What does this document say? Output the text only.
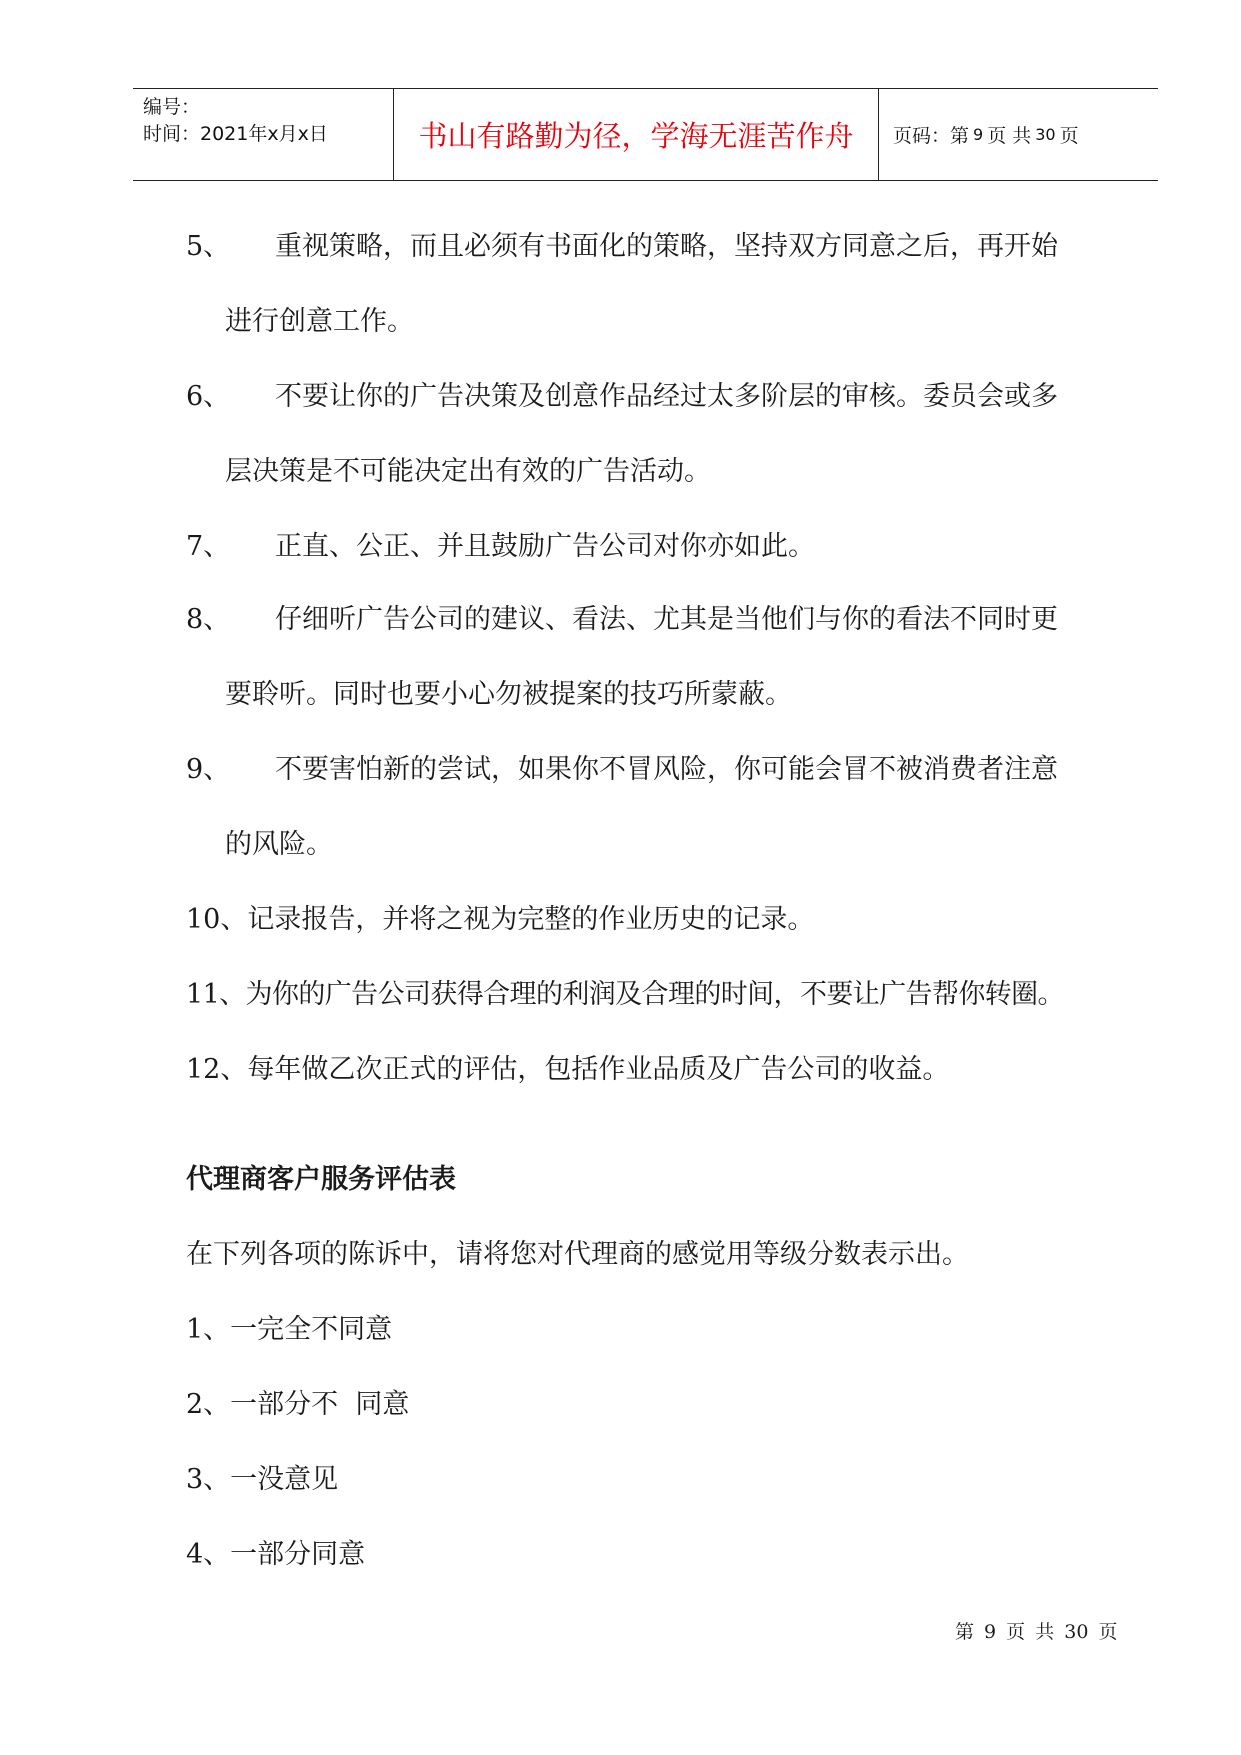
编号：
时间：2021年x月x日	书山有路勤为径，学海无涯苦作舟	页码：第 9 页 共 30 页
5、 重视策略，而且必须有书面化的策略，坚持双方同意之后，再开始
进行创意工作。
6、 不要让你的广告决策及创意作品经过太多阶层的审核。委员会或多
层决策是不可能决定出有效的广告活动。
7、 正直、公正、并且鼓励广告公司对你亦如此。
8、 仔细听广告公司的建议、看法、尤其是当他们与你的看法不同时更
要聆听。同时也要小心勿被提案的技巧所蒙蔽。
9、 不要害怕新的尝试，如果你不冒风险，你可能会冒不被消费者注意
的风险。
10、记录报告，并将之视为完整的作业历史的记录。
11、为你的广告公司获得合理的利润及合理的时间，不要让广告帮你转圈。
12、每年做乙次正式的评估，包括作业品质及广告公司的收益。
代理商客户服务评估表
在下列各项的陈诉中，请将您对代理商的感觉用等级分数表示出。
1、一完全不同意
2、一部分不  同意
3、一没意见
4、一部分同意
第 9 页 共 30 页
